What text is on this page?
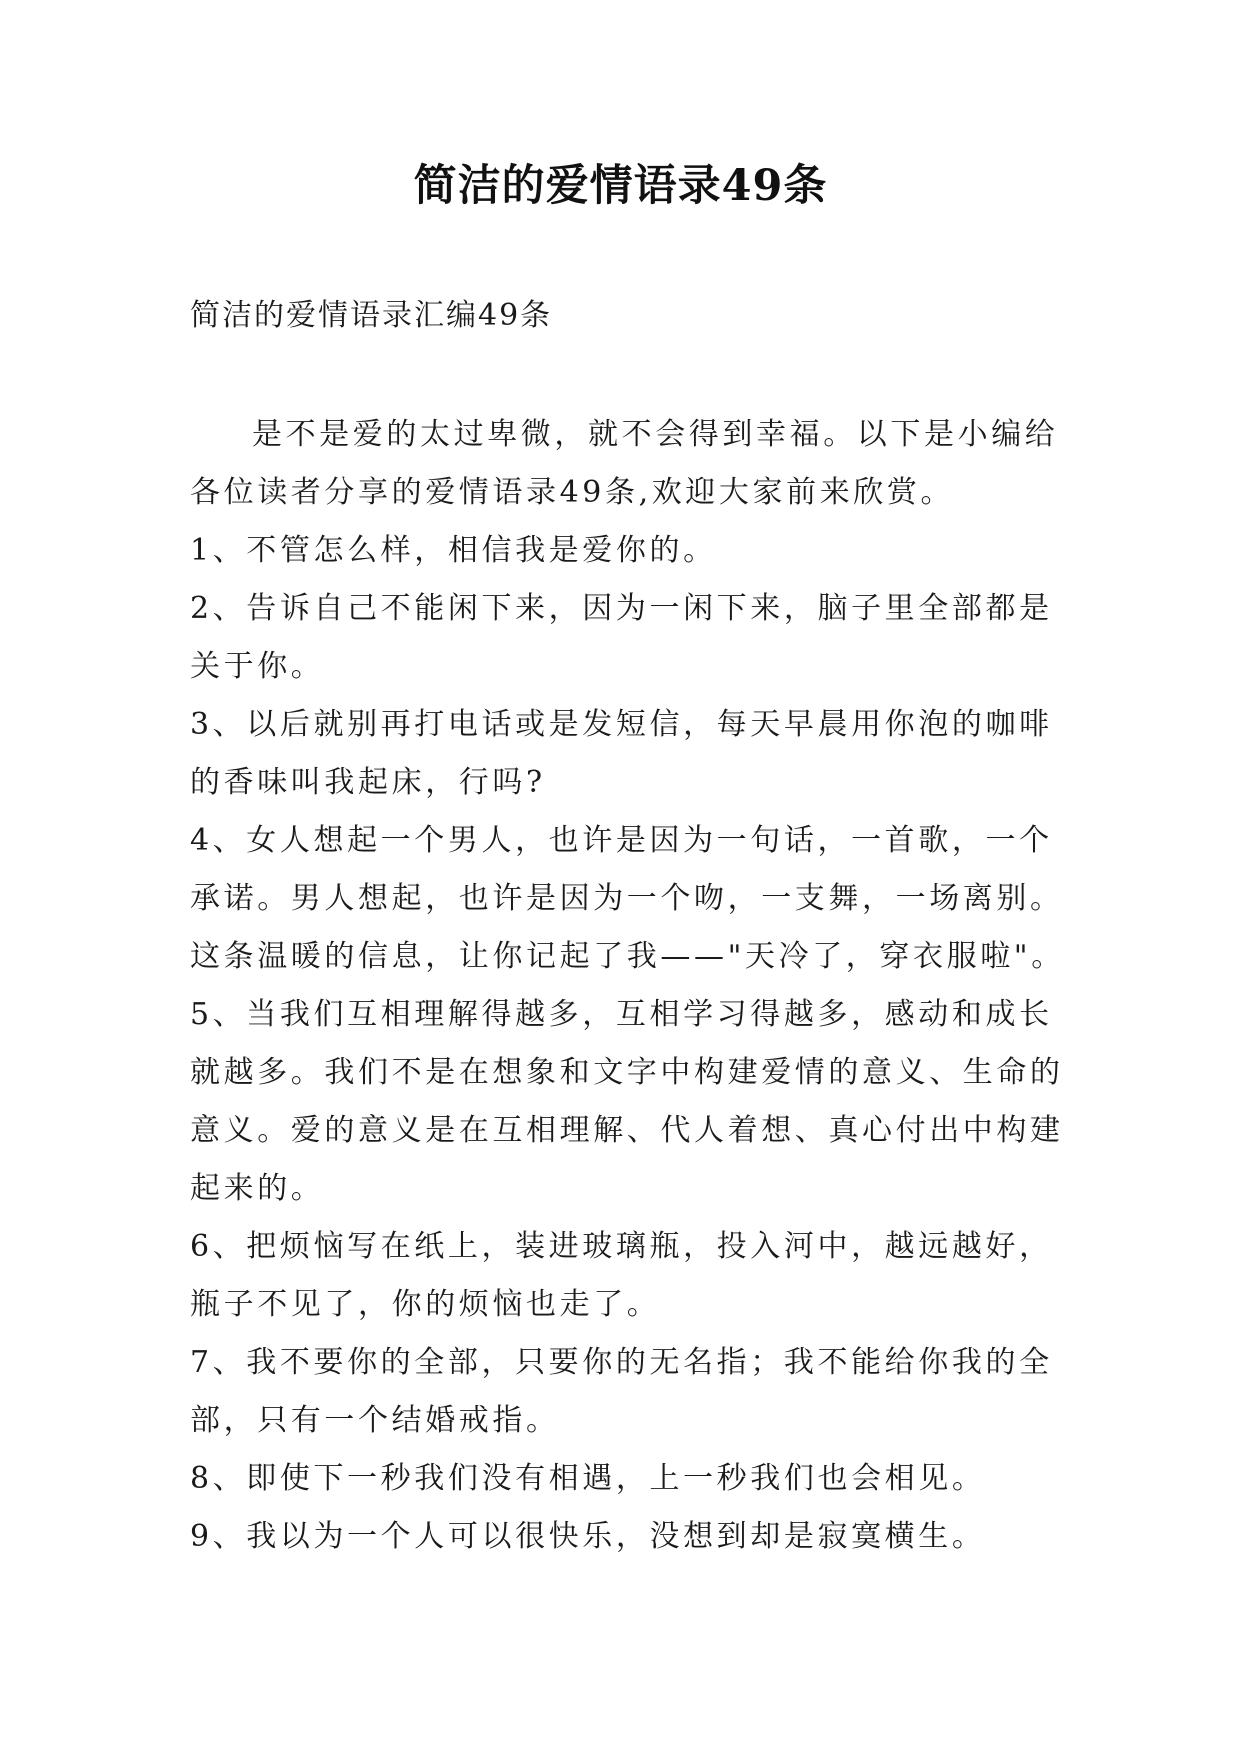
简洁的爱情语录49条
简洁的爱情语录汇编49条

是不是爱的太过卑微，就不会得到幸福。以下是小编给各位读者分享的爱情语录49条,欢迎大家前来欣赏。

1、不管怎么样，相信我是爱你的。

2、告诉自己不能闲下来，因为一闲下来，脑子里全部都是关于你。

3、以后就别再打电话或是发短信，每天早晨用你泡的咖啡的香味叫我起床，行吗?

4、女人想起一个男人，也许是因为一句话，一首歌，一个承诺。男人想起，也许是因为一个吻，一支舞，一场离别。这条温暖的信息，让你记起了我——"天冷了，穿衣服啦"。

5、当我们互相理解得越多，互相学习得越多，感动和成长就越多。我们不是在想象和文字中构建爱情的意义、生命的意义。爱的意义是在互相理解、代人着想、真心付出中构建起来的。

6、把烦恼写在纸上，装进玻璃瓶，投入河中，越远越好，瓶子不见了，你的烦恼也走了。

7、我不要你的全部，只要你的无名指；我不能给你我的全部，只有一个结婚戒指。

8、即使下一秒我们没有相遇，上一秒我们也会相见。

9、我以为一个人可以很快乐，没想到却是寂寞横生。
